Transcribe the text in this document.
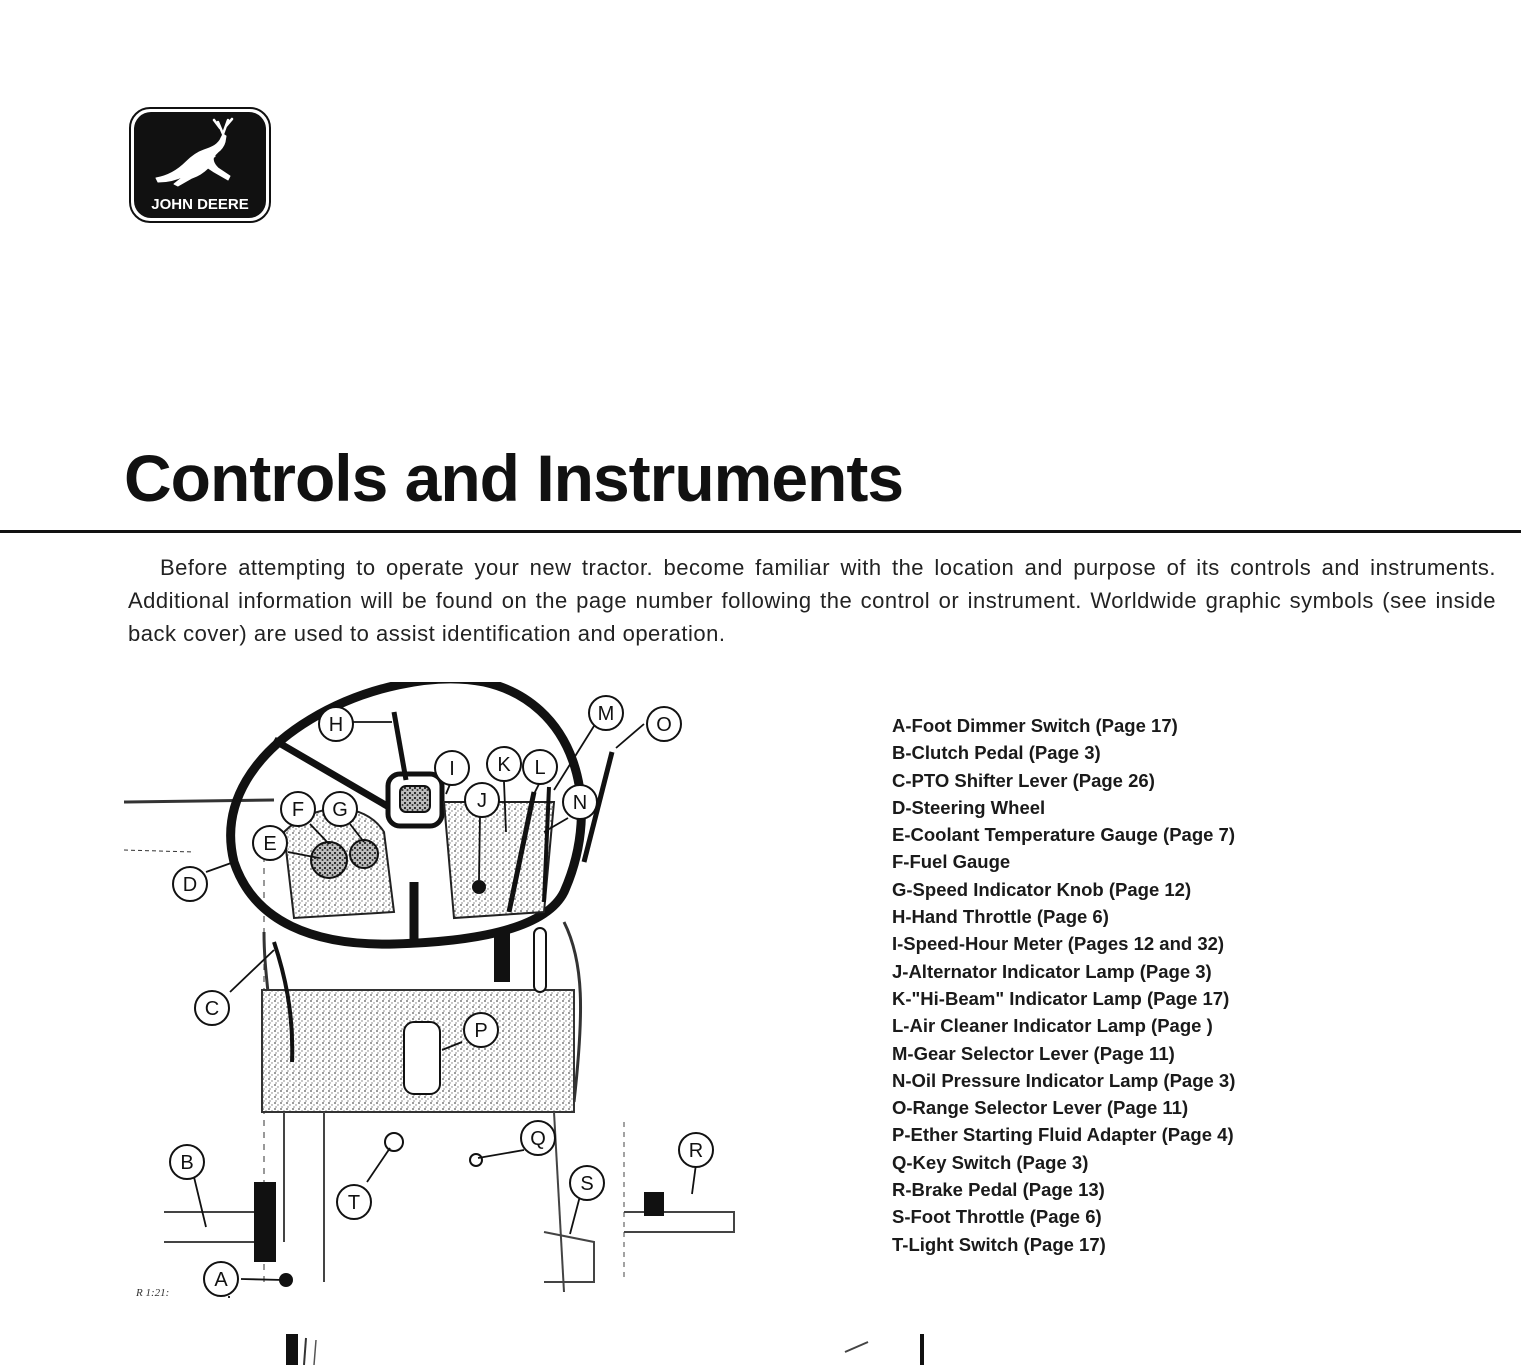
JOHN DEERE
Controls and Instruments

Before attempting to operate your new tractor. become familiar with the location and purpose of its controls and instruments. Additional information will be found on the page number following the control or instrument. Worldwide graphic symbols (see inside back cover) are used to assist identification and operation.

A
B
C
D
E
F G
H
I
J
K L
M
N
O
P
Q
R
S
T
R 1:21:
A-Foot Dimmer Switch (Page 17)
B-Clutch Pedal (Page 3)
C-PTO Shifter Lever (Page 26)
D-Steering Wheel
E-Coolant Temperature Gauge (Page 7)
F-Fuel Gauge
G-Speed Indicator Knob (Page 12)
H-Hand Throttle (Page 6)
I-Speed-Hour Meter (Pages 12 and 32)
J-Alternator Indicator Lamp (Page 3)
K-"Hi-Beam" Indicator Lamp (Page 17)
L-Air Cleaner Indicator Lamp (Page )
M-Gear Selector Lever (Page 11)
N-Oil Pressure Indicator Lamp (Page 3)
O-Range Selector Lever (Page 11)
P-Ether Starting Fluid Adapter (Page 4)
Q-Key Switch (Page 3)
R-Brake Pedal (Page 13)
S-Foot Throttle (Page 6)
T-Light Switch (Page 17)
